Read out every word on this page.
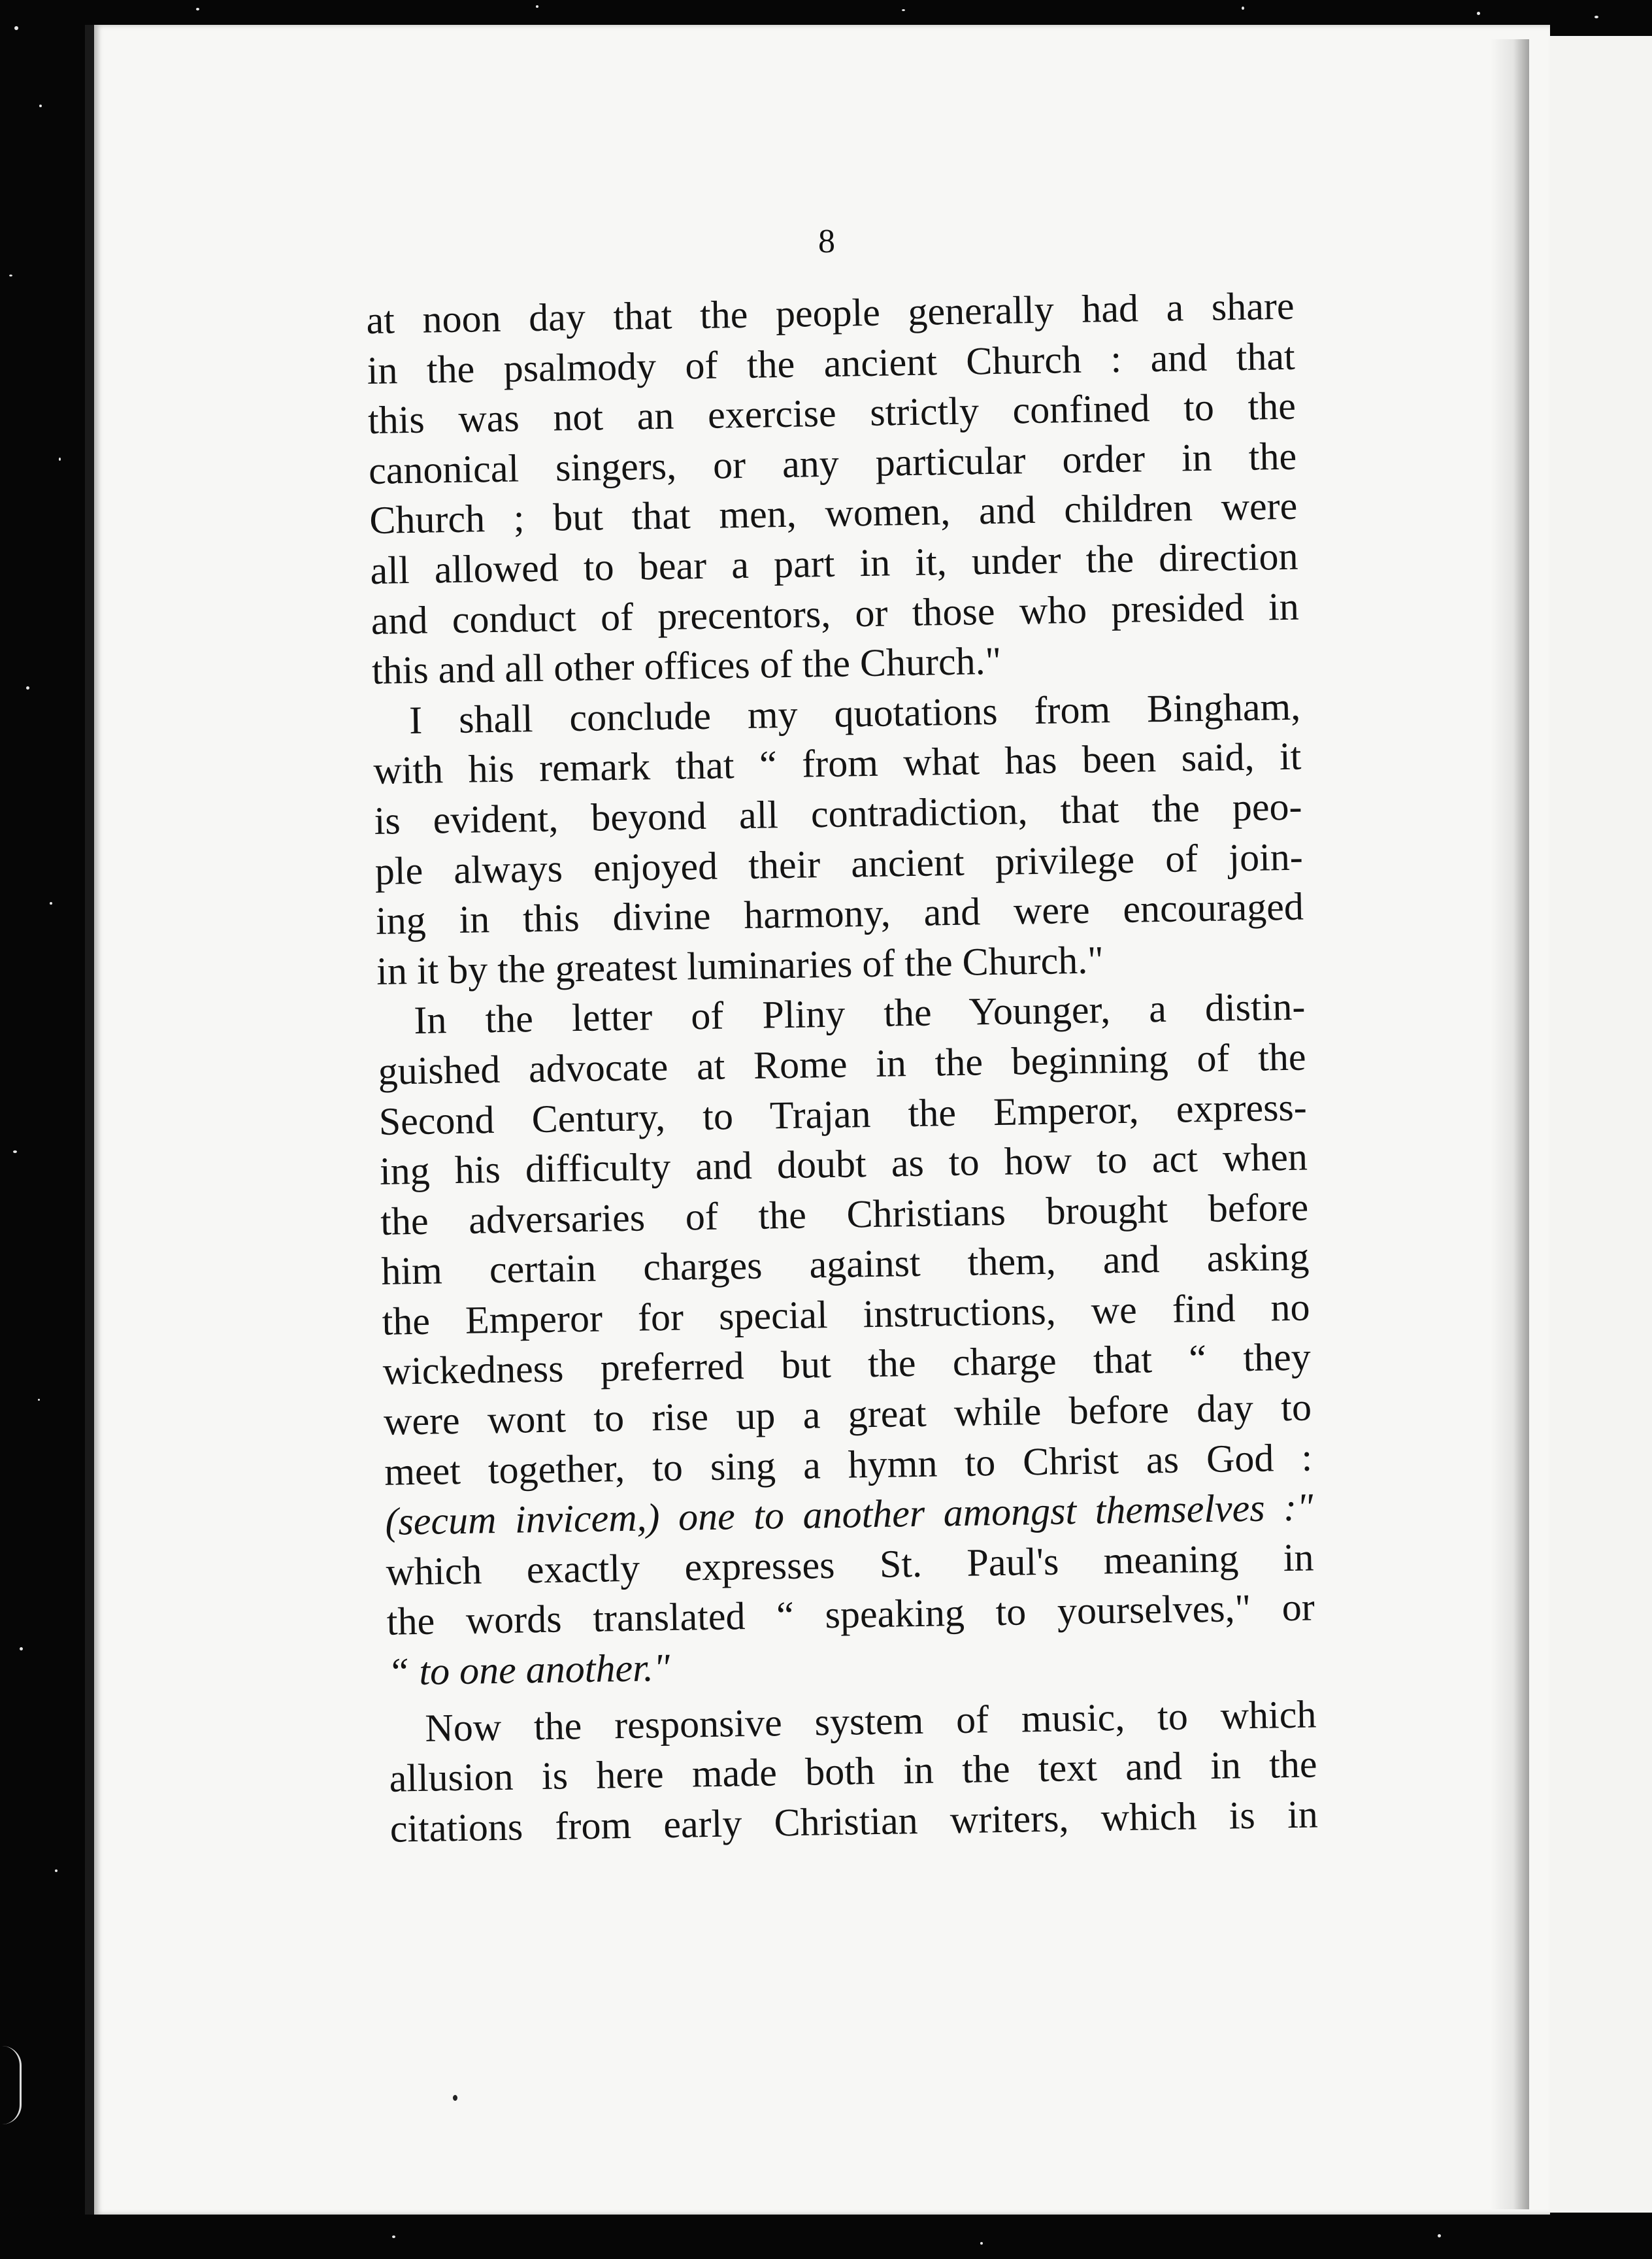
8
at noon day that the people generally had a share
in the psalmody of the ancient Church : and that
this was not an exercise strictly confined to the
canonical singers, or any particular order in the
Church ; but that men, women, and children were
all allowed to bear a part in it, under the direction
and conduct of precentors, or those who presided in
this and all other offices of the Church."
I shall conclude my quotations from Bingham,
with his remark that “ from what has been said, it
is evident, beyond all contradiction, that the peo-
ple always enjoyed their ancient privilege of join-
ing in this divine harmony, and were encouraged
in it by the greatest luminaries of the Church."
In the letter of Pliny the Younger, a distin-
guished advocate at Rome in the beginning of the
Second Century, to Trajan the Emperor, express-
ing his difficulty and doubt as to how to act when
the adversaries of the Christians brought before
him certain charges against them, and asking
the Emperor for special instructions, we find no
wickedness preferred but the charge that “ they
were wont to rise up a great while before day to
meet together, to sing a hymn to Christ as God :
(secum invicem,) one to another amongst themselves :"
which exactly expresses St. Paul's meaning in
the words translated “ speaking to yourselves," or
“ to one another."
Now the responsive system of music, to which
allusion is here made both in the text and in the
citations from early Christian writers, which is in
